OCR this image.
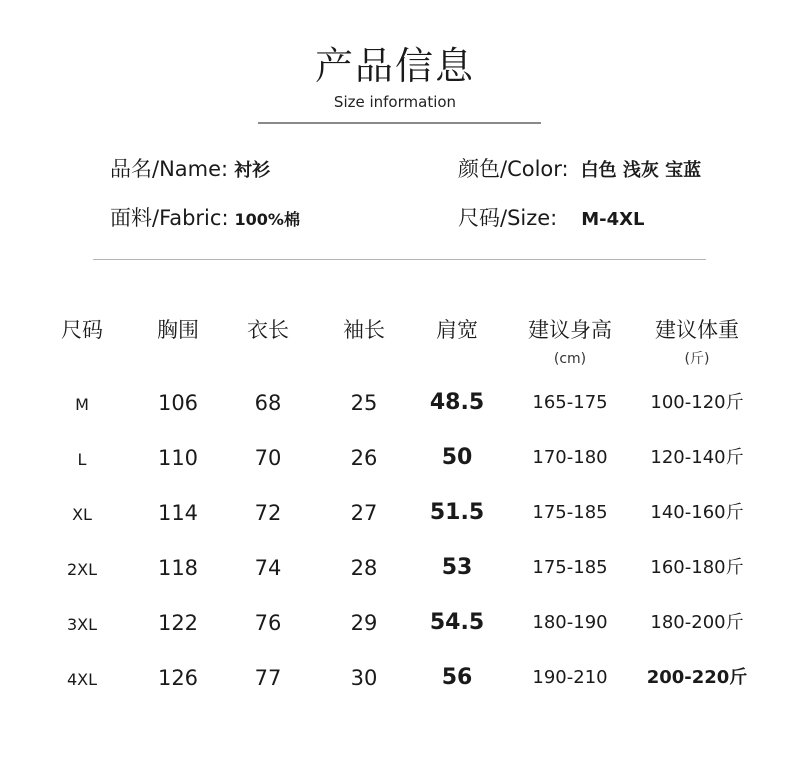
产品信息
Size information
品名/Name: 衬衫	颜色/Color: 白色 浅灰 宝蓝
面料/Fabric: 100%棉	尺码/Size: M-4XL
尺码	胸围 衣长	袖长 肩宽 建议身高 建议体重
(cm)	(斤)
M	106	68	25 48.5	165-175 100-120斤
L	110	70	26	50	170-180 120-140斤
XL	114	72	27 51.5	175-185 140-160斤
2XL	118	74	28	53	175-185 160-180斤
3XL	122	76	29 54.5	180-190 180-200斤
4XL	126	77	30	56	190-210 200-220斤
